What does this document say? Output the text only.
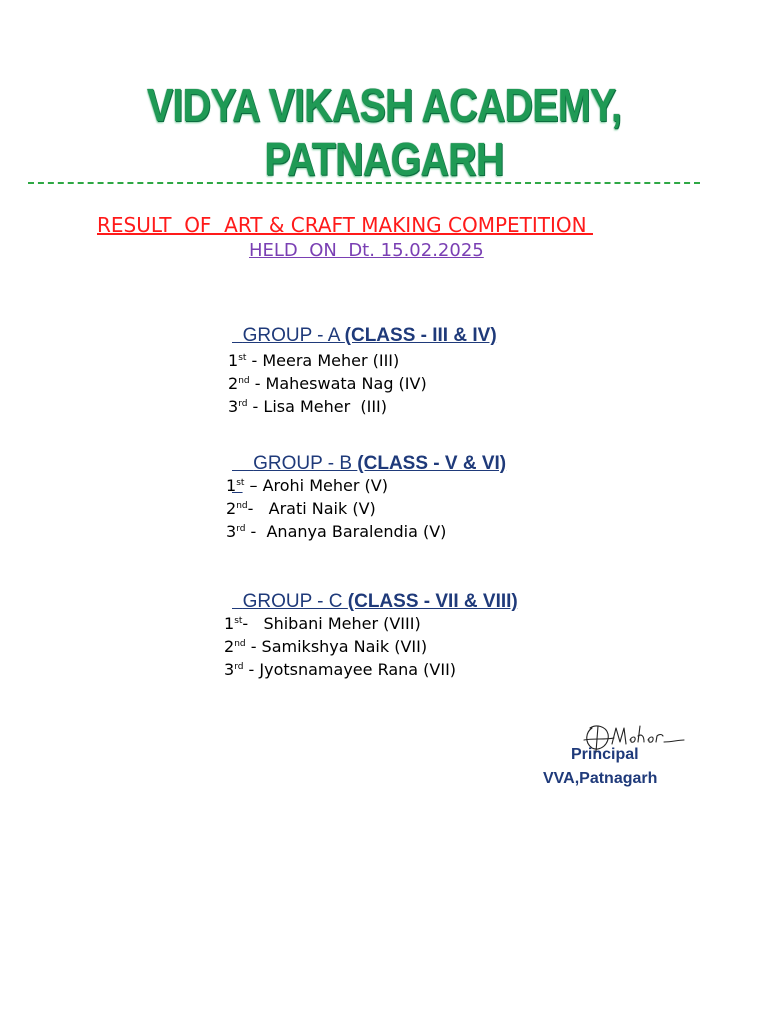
VIDYA VIKASH ACADEMY, PATNAGARH
RESULT  OF  ART & CRAFT MAKING COMPETITION
HELD  ON  Dt. 15.02.2025

GROUP - A (CLASS - III & IV)

1st - Meera Meher (III)
2nd - Maheswata Nag (IV)
3rd - Lisa Meher  (III)

GROUP - B (CLASS - V & VI)

1st – Arohi Meher (V)
2nd-   Arati Naik (V)
3rd -  Ananya Baralendia (V)

GROUP - C (CLASS - VII & VIII)

1st-   Shibani Meher (VIII)
2nd - Samikshya Naik (VII)
3rd - Jyotsnamayee Rana (VII)
Principal
VVA,Patnagarh
